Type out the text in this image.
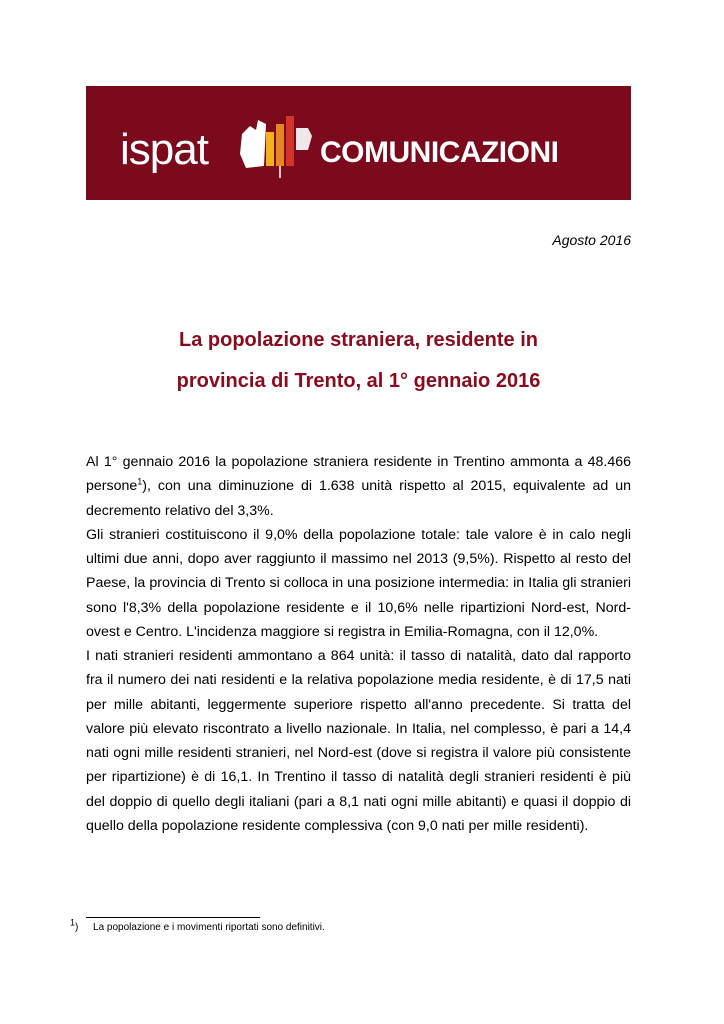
ispat	COMUNICAZIONI
Agosto 2016
La popolazione straniera, residente in
provincia di Trento, al 1° gennaio 2016

Al 1° gennaio 2016 la popolazione straniera residente in Trentino ammonta a 48.466 persone$^1$), con una diminuzione di 1.638 unità rispetto al 2015, equivalente ad un decremento relativo del 3,3%.

Gli stranieri costituiscono il 9,0% della popolazione totale: tale valore è in calo negli ultimi due anni, dopo aver raggiunto il massimo nel 2013 (9,5%). Rispetto al resto del Paese, la provincia di Trento si colloca in una posizione intermedia: in Italia gli stranieri sono l'8,3% della popolazione residente e il 10,6% nelle ripartizioni Nord-est, Nord-ovest e Centro. L'incidenza maggiore si registra in Emilia-Romagna, con il 12,0%.

I nati stranieri residenti ammontano a 864 unità: il tasso di natalità, dato dal rapporto fra il numero dei nati residenti e la relativa popolazione media residente, è di 17,5 nati per mille abitanti, leggermente superiore rispetto all'anno precedente. Si tratta del valore più elevato riscontrato a livello nazionale. In Italia, nel complesso, è pari a 14,4 nati ogni mille residenti stranieri, nel Nord-est (dove si registra il valore più consistente per ripartizione) è di 16,1. In Trentino il tasso di natalità degli stranieri residenti è più del doppio di quello degli italiani (pari a 8,1 nati ogni mille abitanti) e quasi il doppio di quello della popolazione residente complessiva (con 9,0 nati per mille residenti).

$^1$) La popolazione e i movimenti riportati sono definitivi.
